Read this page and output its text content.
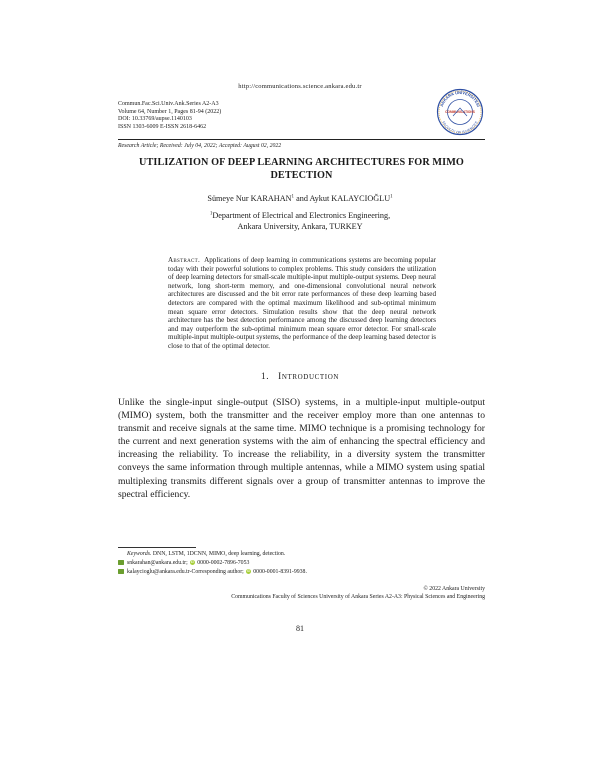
http://communications.science.ankara.edu.tr
Commun.Fac.Sci.Univ.Ank.Series A2-A3
Volume 64, Number 1, Pages 81-94 (2022)
DOI: 10.33769/aupse.1140103
ISSN 1303-6009 E-ISSN 2618-6462
ANKARA ÜNİVERSİTESİ
FACULTY OF SCIENCES
COMMUNICATIONS
Research Article; Received: July 04, 2022; Accepted: August 02, 2022
UTILIZATION OF DEEP LEARNING ARCHITECTURES FOR MIMO DETECTION
Sümeye Nur KARAHAN$^1$ and Aykut KALAYCIOĞLU$^1$
$^1$Department of Electrical and Electronics Engineering,
Ankara University, Ankara, TURKEY
Abstract. Applications of deep learning in communications systems are becoming popular today with their powerful solutions to complex problems. This study considers the utilization of deep learning detectors for small-scale multiple-input multiple-output systems. Deep neural network, long short-term memory, and one-dimensional convolutional neural network architectures are discussed and the bit error rate performances of these deep learning based detectors are compared with the optimal maximum likelihood and sub-optimal minimum mean square error detectors. Simulation results show that the deep neural network architecture has the best detection performance among the discussed deep learning detectors and may outperform the sub-optimal minimum mean square error detector. For small-scale multiple-input multiple-output systems, the performance of the deep learning based detector is close to that of the optimal detector.
1. Introduction
Unlike the single-input single-output (SISO) systems, in a multiple-input multiple-output (MIMO) system, both the transmitter and the receiver employ more than one antennas to transmit and receive signals at the same time. MIMO technique is a promising technology for the current and next generation systems with the aim of enhancing the spectral efficiency and increasing the reliability. To increase the reliability, in a diversity system the transmitter conveys the same information through multiple antennas, while a MIMO system using spatial multiplexing transmits different signals over a group of transmitter antennas to improve the spectral efficiency.
Keywords. DNN, LSTM, 1DCNN, MIMO, deep learning, detection.
snkarahan@ankara.edu.tr; iD 0000-0002-7896-7053
kalaycioglu@ankara.edu.tr-Corresponding author; iD 0000-0001-8391-9938.
© 2022 Ankara University
Communications Faculty of Sciences University of Ankara Series A2-A3: Physical Sciences and Engineering
81
